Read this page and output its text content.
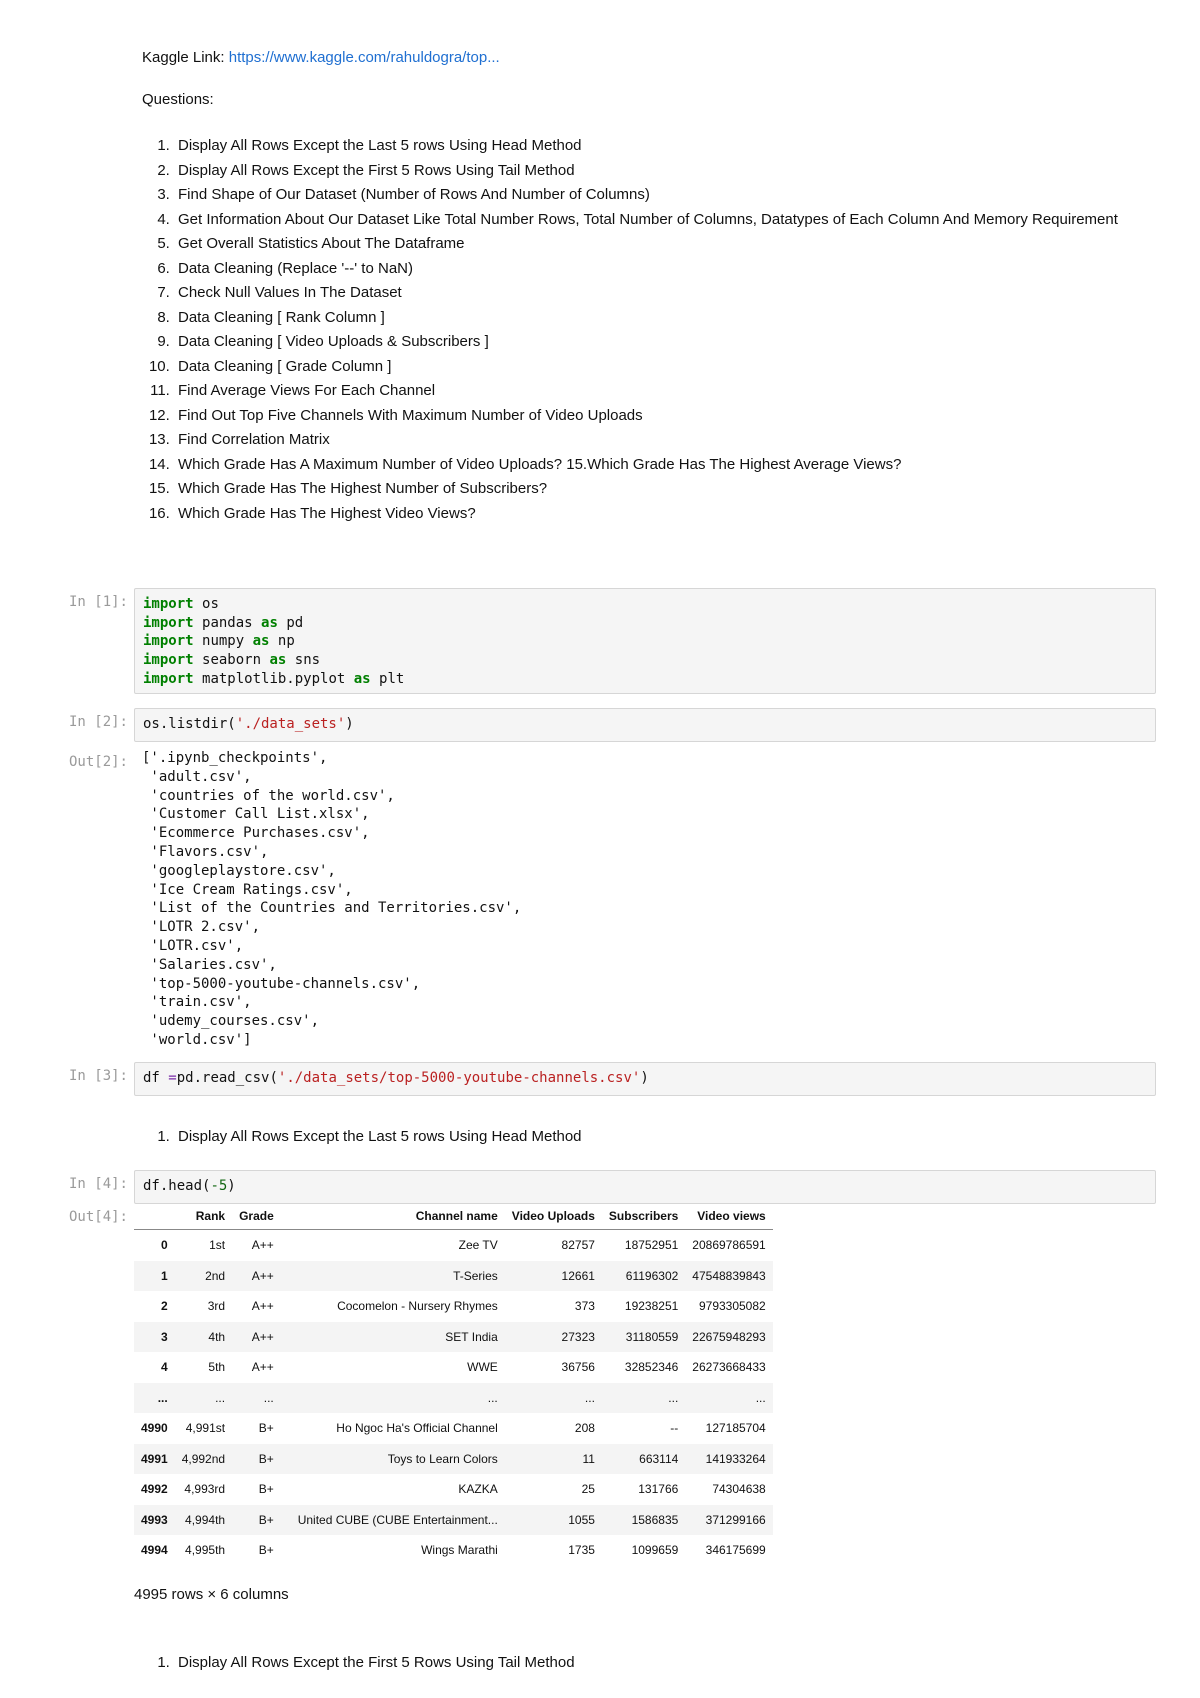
Kaggle Link: https://www.kaggle.com/rahuldogra/top...
Questions:
1. Display All Rows Except the Last 5 rows Using Head Method
2. Display All Rows Except the First 5 Rows Using Tail Method
3. Find Shape of Our Dataset (Number of Rows And Number of Columns)
4. Get Information About Our Dataset Like Total Number Rows, Total Number of Columns, Datatypes of Each Column And Memory Requirement
5. Get Overall Statistics About The Dataframe
6. Data Cleaning (Replace '--' to NaN)
7. Check Null Values In The Dataset
8. Data Cleaning [ Rank Column ]
9. Data Cleaning [ Video Uploads & Subscribers ]
10. Data Cleaning [ Grade Column ]
11. Find Average Views For Each Channel
12. Find Out Top Five Channels With Maximum Number of Video Uploads
13. Find Correlation Matrix
14. Which Grade Has A Maximum Number of Video Uploads? 15.Which Grade Has The Highest Average Views?
15. Which Grade Has The Highest Number of Subscribers?
16. Which Grade Has The Highest Video Views?
In [1]: import os
import pandas as pd
import numpy as np
import seaborn as sns
import matplotlib.pyplot as plt
In [2]: os.listdir('./data_sets')
Out[2]: ['.ipynb_checkpoints',
'adult.csv',
'countries of the world.csv',
'Customer Call List.xlsx',
'Ecommerce Purchases.csv',
'Flavors.csv',
'googleplaystore.csv',
'Ice Cream Ratings.csv',
'List of the Countries and Territories.csv',
'LOTR 2.csv',
'LOTR.csv',
'Salaries.csv',
'top-5000-youtube-channels.csv',
'train.csv',
'udemy_courses.csv',
'world.csv']
In [3]: df =pd.read_csv('./data_sets/top-5000-youtube-channels.csv')
1. Display All Rows Except the Last 5 rows Using Head Method
In [4]: df.head(-5)
Out[4]:
		Rank	Grade	Channel name	Video Uploads	Subscribers	Video views
0	1st	A++	Zee TV	82757	18752951	20869786591
1	2nd	A++	T-Series	12661	61196302	47548839843
2	3rd	A++	Cocomelon - Nursery Rhymes	373	19238251	9793305082
3	4th	A++	SET India	27323	31180559	22675948293
4	5th	A++	WWE	36756	32852346	26273668433
...	...	...	...	...	...	...
4990	4,991st	B+	Ho Ngoc Ha's Official Channel	208	--	127185704
4991	4,992nd	B+	Toys to Learn Colors	11	663114	141933264
4992	4,993rd	B+	KAZKA	25	131766	74304638
4993	4,994th	B+	United CUBE (CUBE Entertainment...	1055	1586835	371299166
4994	4,995th	B+	Wings Marathi	1735	1099659	346175699
4995 rows × 6 columns
1. Display All Rows Except the First 5 Rows Using Tail Method
